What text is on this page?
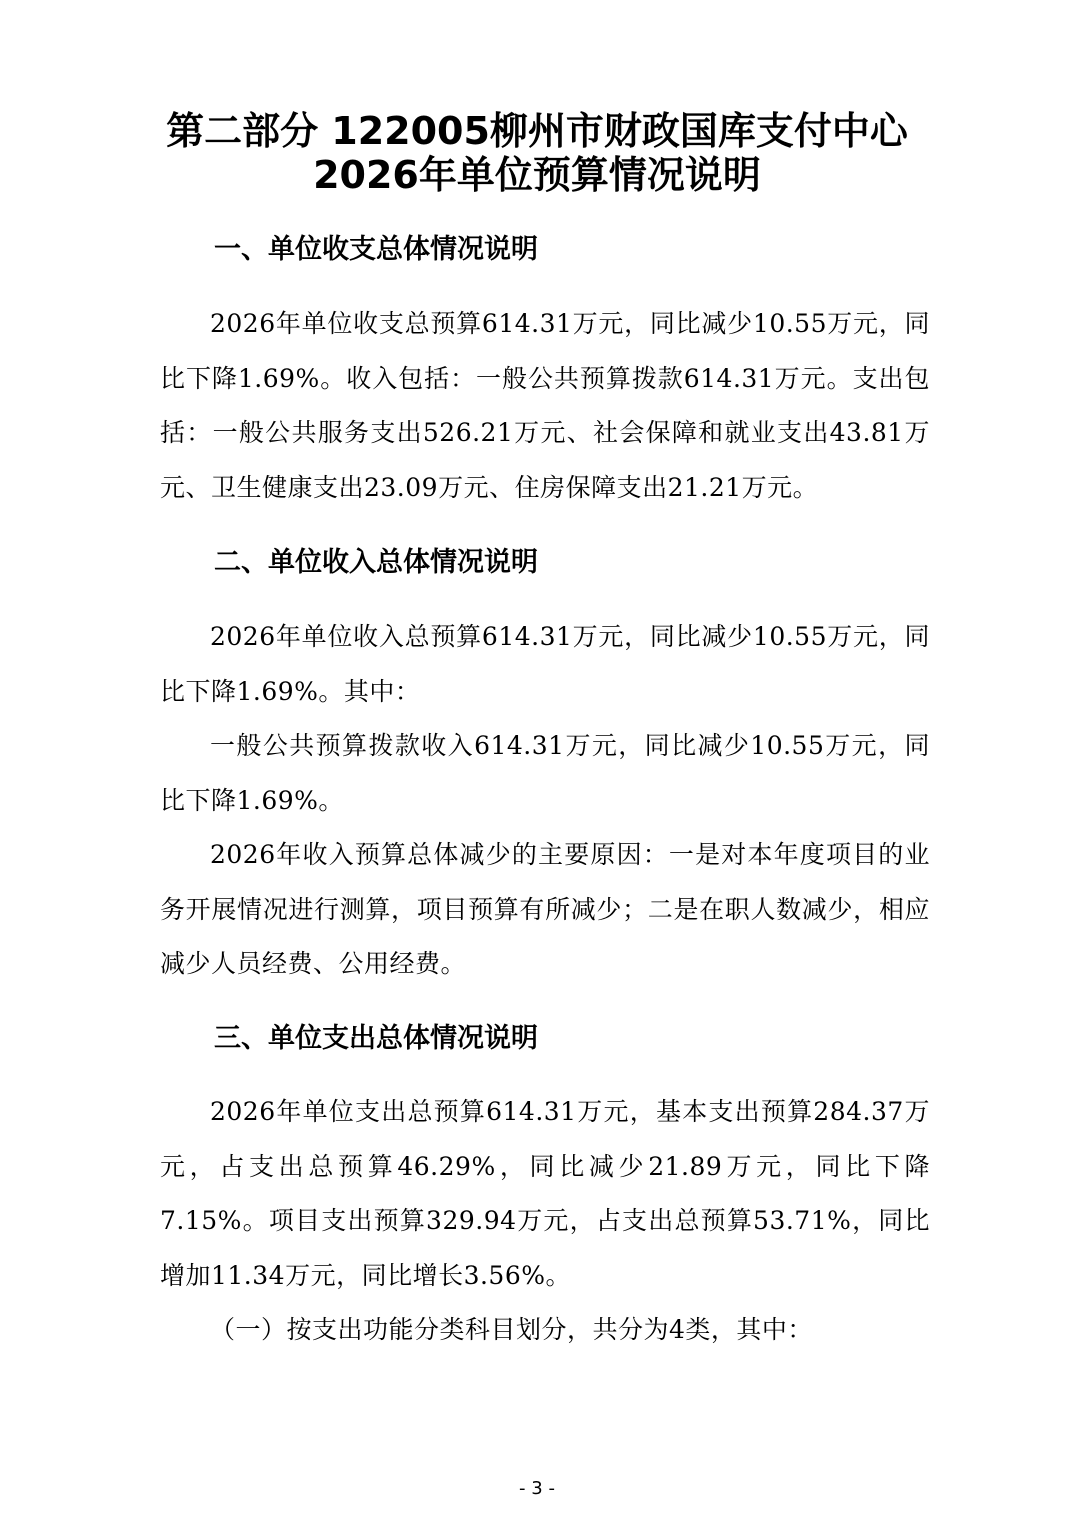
第二部分 122005柳州市财政国库支付中心
2026年单位预算情况说明
一、单位收支总体情况说明

2026年单位收支总预算614.31万元，同比减少10.55万元，同比下降1.69%。收入包括：一般公共预算拨款614.31万元。支出包括：一般公共服务支出526.21万元、社会保障和就业支出43.81万元、卫生健康支出23.09万元、住房保障支出21.21万元。

二、单位收入总体情况说明

2026年单位收入总预算614.31万元，同比减少10.55万元，同比下降1.69%。其中：

一般公共预算拨款收入614.31万元，同比减少10.55万元，同比下降1.69%。

2026年收入预算总体减少的主要原因：一是对本年度项目的业务开展情况进行测算，项目预算有所减少；二是在职人数减少，相应减少人员经费、公用经费。

三、单位支出总体情况说明

2026年单位支出总预算614.31万元，基本支出预算284.37万元，占支出总预算46.29%，同比减少21.89万元，同比下降7.15%。项目支出预算329.94万元，占支出总预算53.71%，同比增加11.34万元，同比增长3.56%。

（一）按支出功能分类科目划分，共分为4类，其中：

- 3 -
